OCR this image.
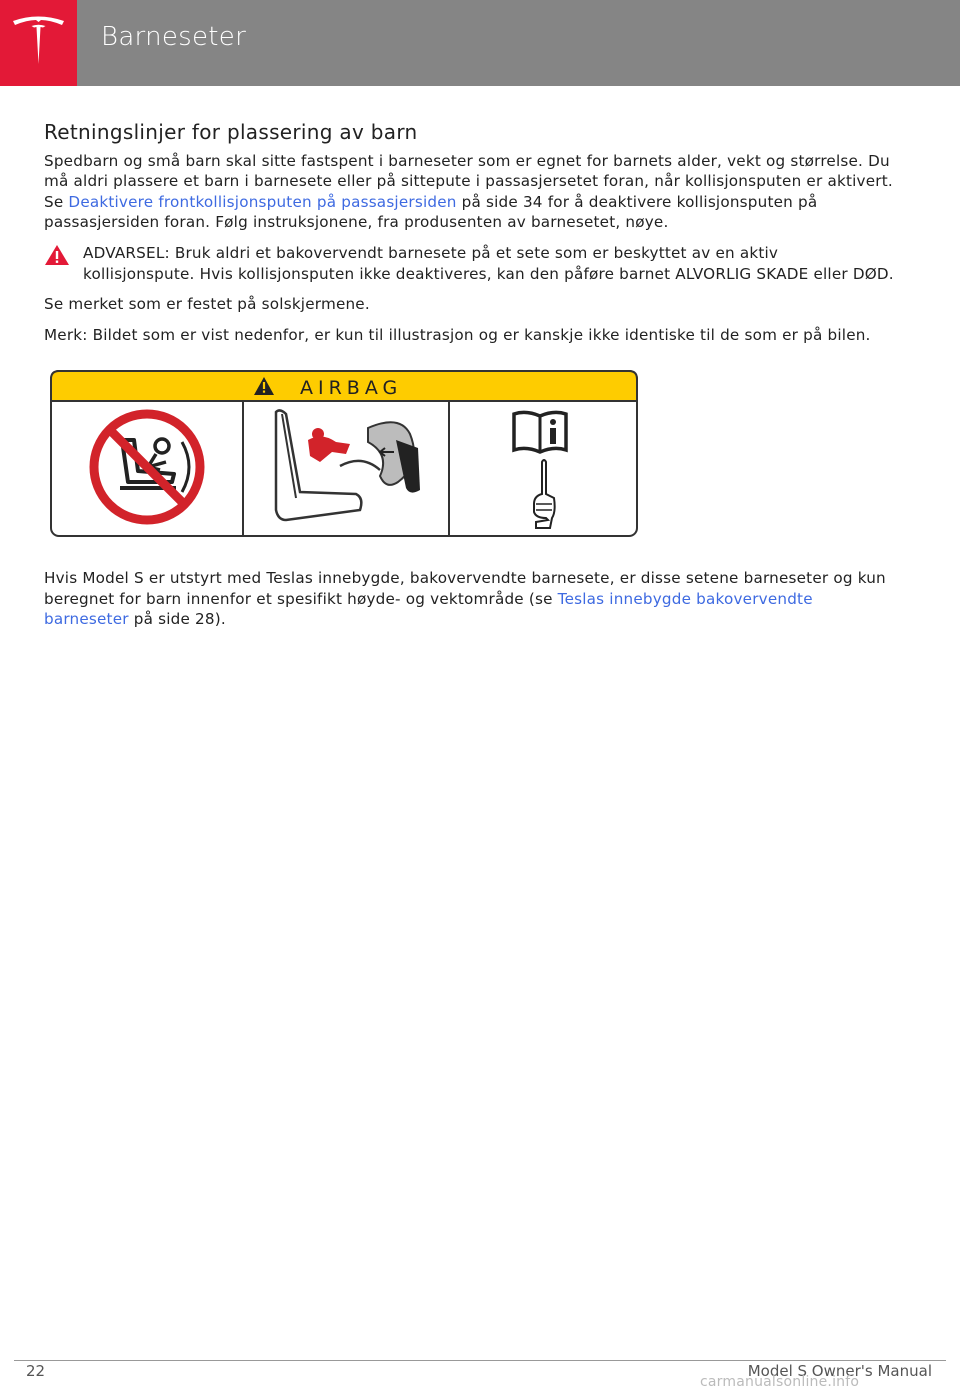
Barneseter
Retningslinjer for plassering av barn

Spedbarn og små barn skal sitte fastspent i barneseter som er egnet for barnets alder, vekt og størrelse. Du må aldri plassere et barn i barnesete eller på sittepute i passasjersetet foran, når kollisjonsputen er aktivert. Se Deaktivere frontkollisjonsputen på passasjersiden på side 34 for å deaktivere kollisjonsputen på passasjersiden foran. Følg instruksjonene, fra produsenten av barnesetet, nøye.

ADVARSEL: Bruk aldri et bakovervendt barnesete på et sete som er beskyttet av en aktiv kollisjonspute. Hvis kollisjonsputen ikke deaktiveres, kan den påføre barnet ALVORLIG SKADE eller DØD.

Se merket som er festet på solskjermene.

Merk: Bildet som er vist nedenfor, er kun til illustrasjon og er kanskje ikke identiske til de som er på bilen.

AIRBAG

Hvis Model S er utstyrt med Teslas innebygde, bakovervendte barnesete, er disse setene barneseter og kun beregnet for barn innenfor et spesifikt høyde- og vektområde (se Teslas innebygde bakovervendte barneseter på side 28).

22	Model S Owner's Manual
carmanualsonline.info
